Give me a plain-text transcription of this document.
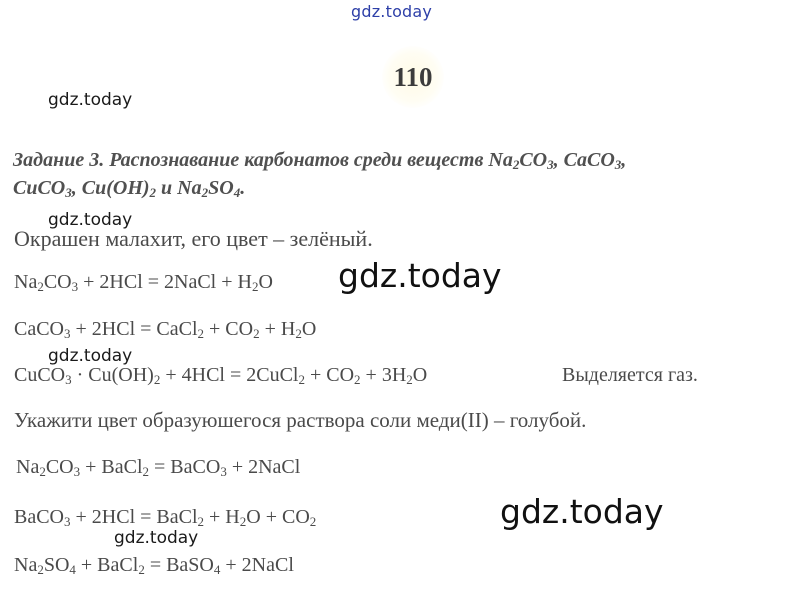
gdz.today
gdz.today
gdz.today
gdz.today
gdz.today
gdz.today
gdz.today
110
Задание 3. Распознавание карбонатов среди веществ $Na_2CO_3$, CaCO$_3$,
CuCO$_3$, $Cu(OH)_2$ и $Na_2SO_4$.
Окрашен малахит, его цвет – зелёный.
$Na_2CO_3 + 2HCl$ = 2NaCl + $H_2O$
CaCO$_3$ + 2HCl = CaCl$_2$ + $CO_2 + H_2O$
CuCO$_3$ · $Cu(OH)_2 + 4HCl$ = 2CuCl$_2$ + $CO_2 + 3H_2O$	Выделяется газ.
Укажити цвет образуюшегося раствора соли меди(II) – голубой.
$Na_2CO_3$ + BaCl$_2$ = BaCO$_3$ + 2NaCl
BaCO$_3$ + 2HCl = BaCl$_2$ + $H_2O + CO_2$
$Na_2SO_4$ + BaCl$_2$ = BaSO$_4$ + 2NaCl
